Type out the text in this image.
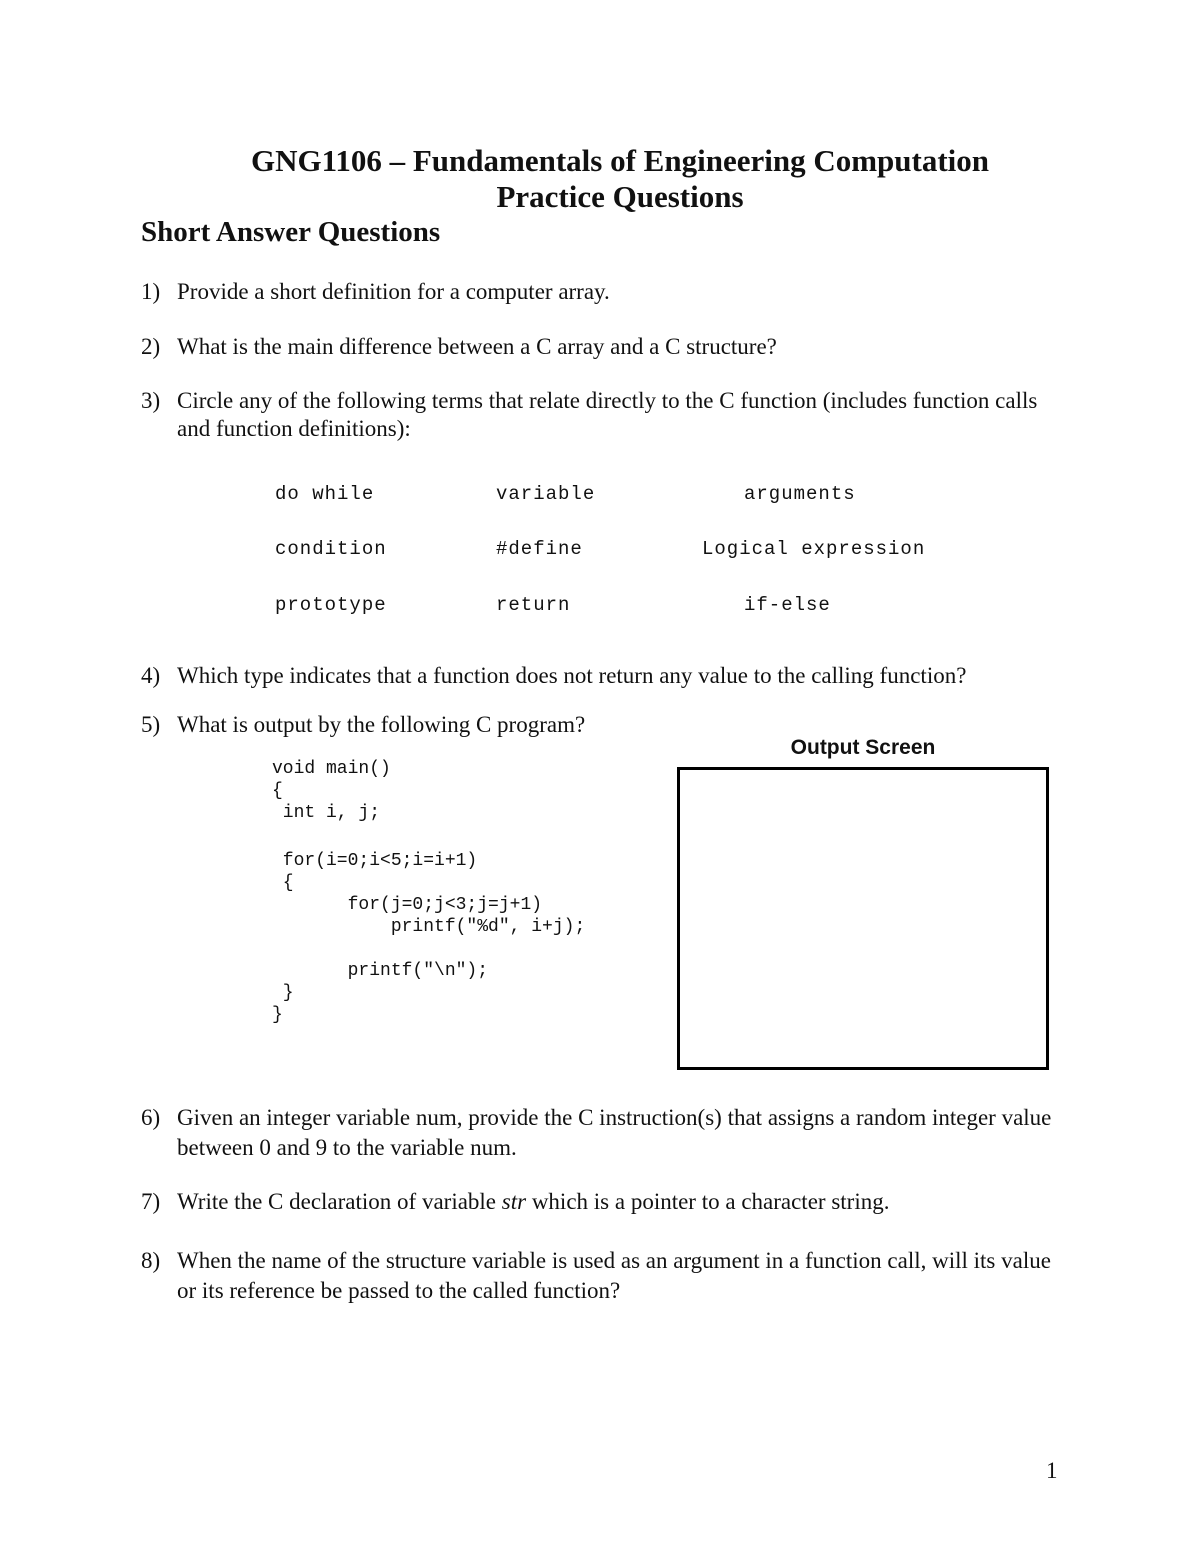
GNG1106 – Fundamentals of Engineering Computation
Practice Questions
Short Answer Questions
1) Provide a short definition for a computer array.
2) What is the main difference between a C array and a C structure?
3) Circle any of the following terms that relate directly to the C function (includes function calls and function definitions):
do while	variable	arguments
condition	#define	Logical expression
prototype	return	if-else
4) Which type indicates that a function does not return any value to the calling function?
5) What is output by the following C program?
void main()
{
int i, j;
for(i=0;i<5;i=i+1)
{
for(j=0;j<3;j=j+1)
printf("%d", i+j);
printf("\n");
}
}
Output Screen
6) Given an integer variable num, provide the C instruction(s) that assigns a random integer value between 0 and 9 to the variable num.
7) Write the C declaration of variable str which is a pointer to a character string.
8) When the name of the structure variable is used as an argument in a function call, will its value or its reference be passed to the called function?
1
